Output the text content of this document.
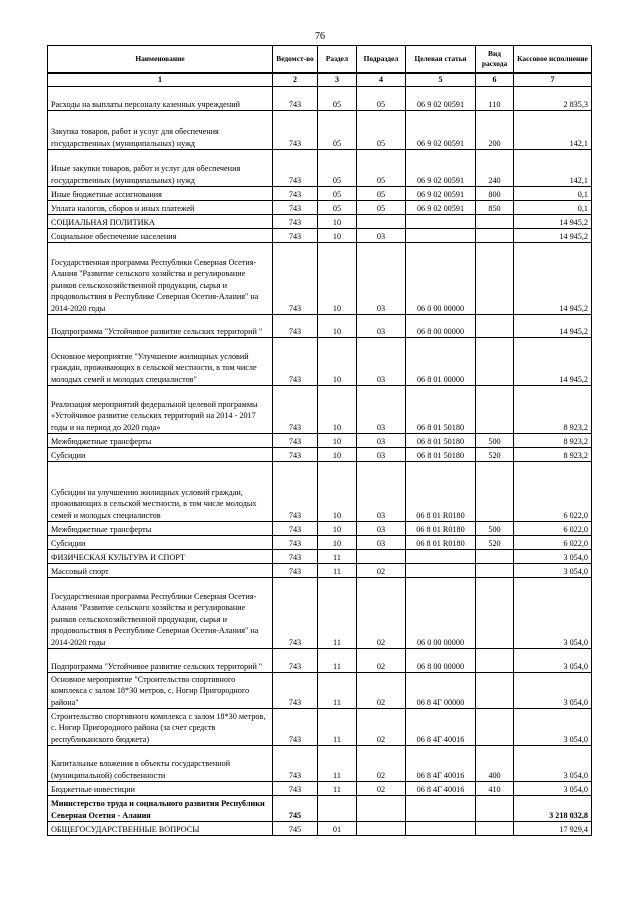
76
Наименование	Ведомст-во	Раздел	Подраздел	Целевая статья	Вид расхода	Кассовое исполнение
1	2	3	4	5	6	7
Расходы на выплаты персоналу казенных учреждений	743	05	05	06 9 02 00591	110	2 835,3
Закупка товаров, работ и услуг для обеспечения государственных (муниципальных) нужд	743	05	05	06 9 02 00591	200	142,1
Иные закупки товаров, работ и услуг для обеспечения государственных (муниципальных) нужд	743	05	05	06 9 02 00591	240	142,1
Иные бюджетные ассигнования	743	05	05	06 9 02 00591	800	0,1
Уплата налогов, сборов и иных платежей	743	05	05	06 9 02 00591	850	0,1
СОЦИАЛЬНАЯ ПОЛИТИКА	743	10				14 945,2
Социальное обеспечение населения	743	10	03			14 945,2
Государственная программа Республики Северная Осетия-Алания "Развитие сельского хозяйства и регулирование рынков сельскохозяйственной продукции, сырья и продовольствия в Республике Северная Осетия-Алания" на 2014-2020 годы	743	10	03	06 0 00 00000		14 945,2
Подпрограмма "Устойчивое развитие сельских территорий "	743	10	03	06 8 00 00000		14 945,2
Основное мероприятие "Улучшение жилищных условий граждан, проживающих в сельской местности, в том числе молодых семей и молодых специалистов"	743	10	03	06 8 01 00000		14 945,2
Реализация мероприятий федеральной целевой программы «Устойчивое развитие сельских территорий на 2014 - 2017 годы и на период до 2020 года»	743	10	03	06 8 01 50180		8 923,2
Межбюджетные трансферты	743	10	03	06 8 01 50180	500	8 923,2
Субсидии	743	10	03	06 8 01 50180	520	8 923,2
Субсидии на улучшению жилищных условий граждан, проживающих в сельской местности, в том числе молодых семей и молодых специалистов	743	10	03	06 8 01 R0180		6 022,0
Межбюджетные трансферты	743	10	03	06 8 01 R0180	500	6 022,0
Субсидии	743	10	03	06 8 01 R0180	520	6 022,0
ФИЗИЧЕСКАЯ КУЛЬТУРА И СПОРТ	743	11				3 054,0
Массовый спорт	743	11	02			3 054,0
Государственная программа Республики Северная Осетия-Алания "Развитие сельского хозяйства и регулирование рынков сельскохозяйственной продукции, сырья и продовольствия в Республике Северная Осетия-Алания" на 2014-2020 годы	743	11	02	06 0 00 00000		3 054,0
Подпрограмма "Устойчивое развитие сельских территорий "	743	11	02	06 8 00 00000		3 054,0
Основное мероприятие "Строительство спортивного комплекса с залом 18*30 метров, с. Ногир Пригородного района"	743	11	02	06 8 4Г 00000		3 054,0
Строительство спортивного комплекса с залом 18*30 метров, с. Ногир Пригородного района (за счет средств республиканского бюджета)	743	11	02	06 8 4Г 40016		3 054,0
Капитальные вложения в объекты государственной (муниципальной) собственности	743	11	02	06 8 4Г 40016	400	3 054,0
Бюджетные инвестиции	743	11	02	06 8 4Г 40016	410	3 054,0
Министерство труда и социального развития Республики Северная Осетия - Алания	745					3 218 032,8
ОБЩЕГОСУДАРСТВЕННЫЕ ВОПРОСЫ	745	01				17 929,4
